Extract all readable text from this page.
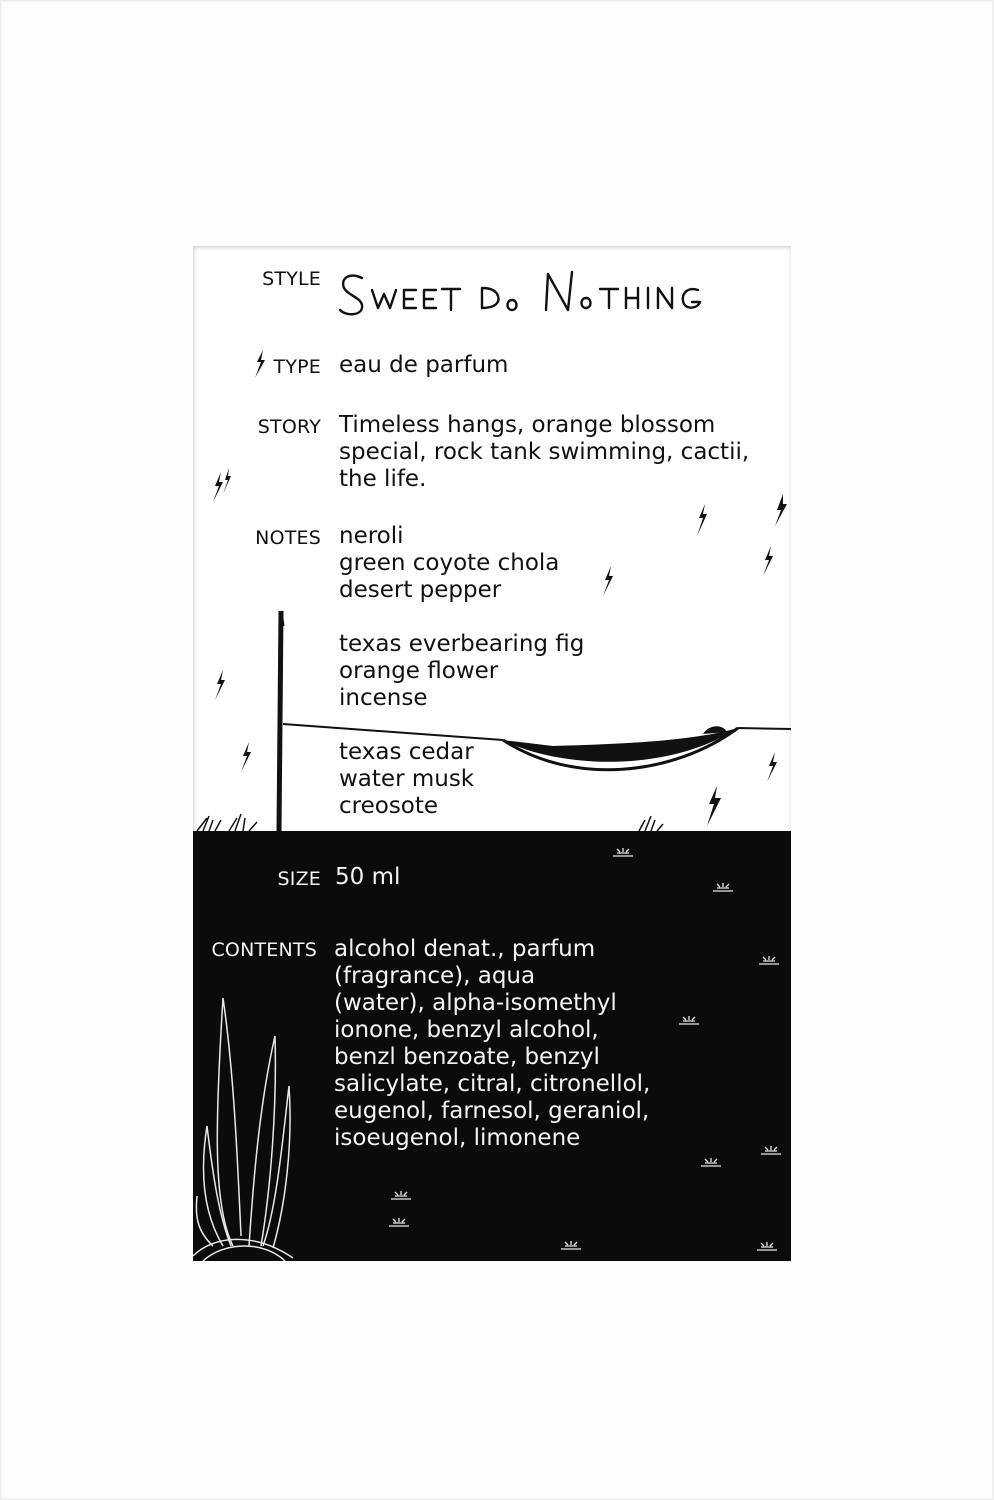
STYLE
TYPE eau de parfum
STORY Timeless hangs, orange blossom
special, rock tank swimming, cactii,
the life.
NOTES neroli
green coyote chola
desert pepper
texas everbearing fig
orange flower
incense
texas cedar
water musk
creosote
SIZE 50 ml
CONTENTS alcohol denat., parfum
(fragrance), aqua
(water), alpha-isomethyl
ionone, benzyl alcohol,
benzl benzoate, benzyl
salicylate, citral, citronellol,
eugenol, farnesol, geraniol,
isoeugenol, limonene
